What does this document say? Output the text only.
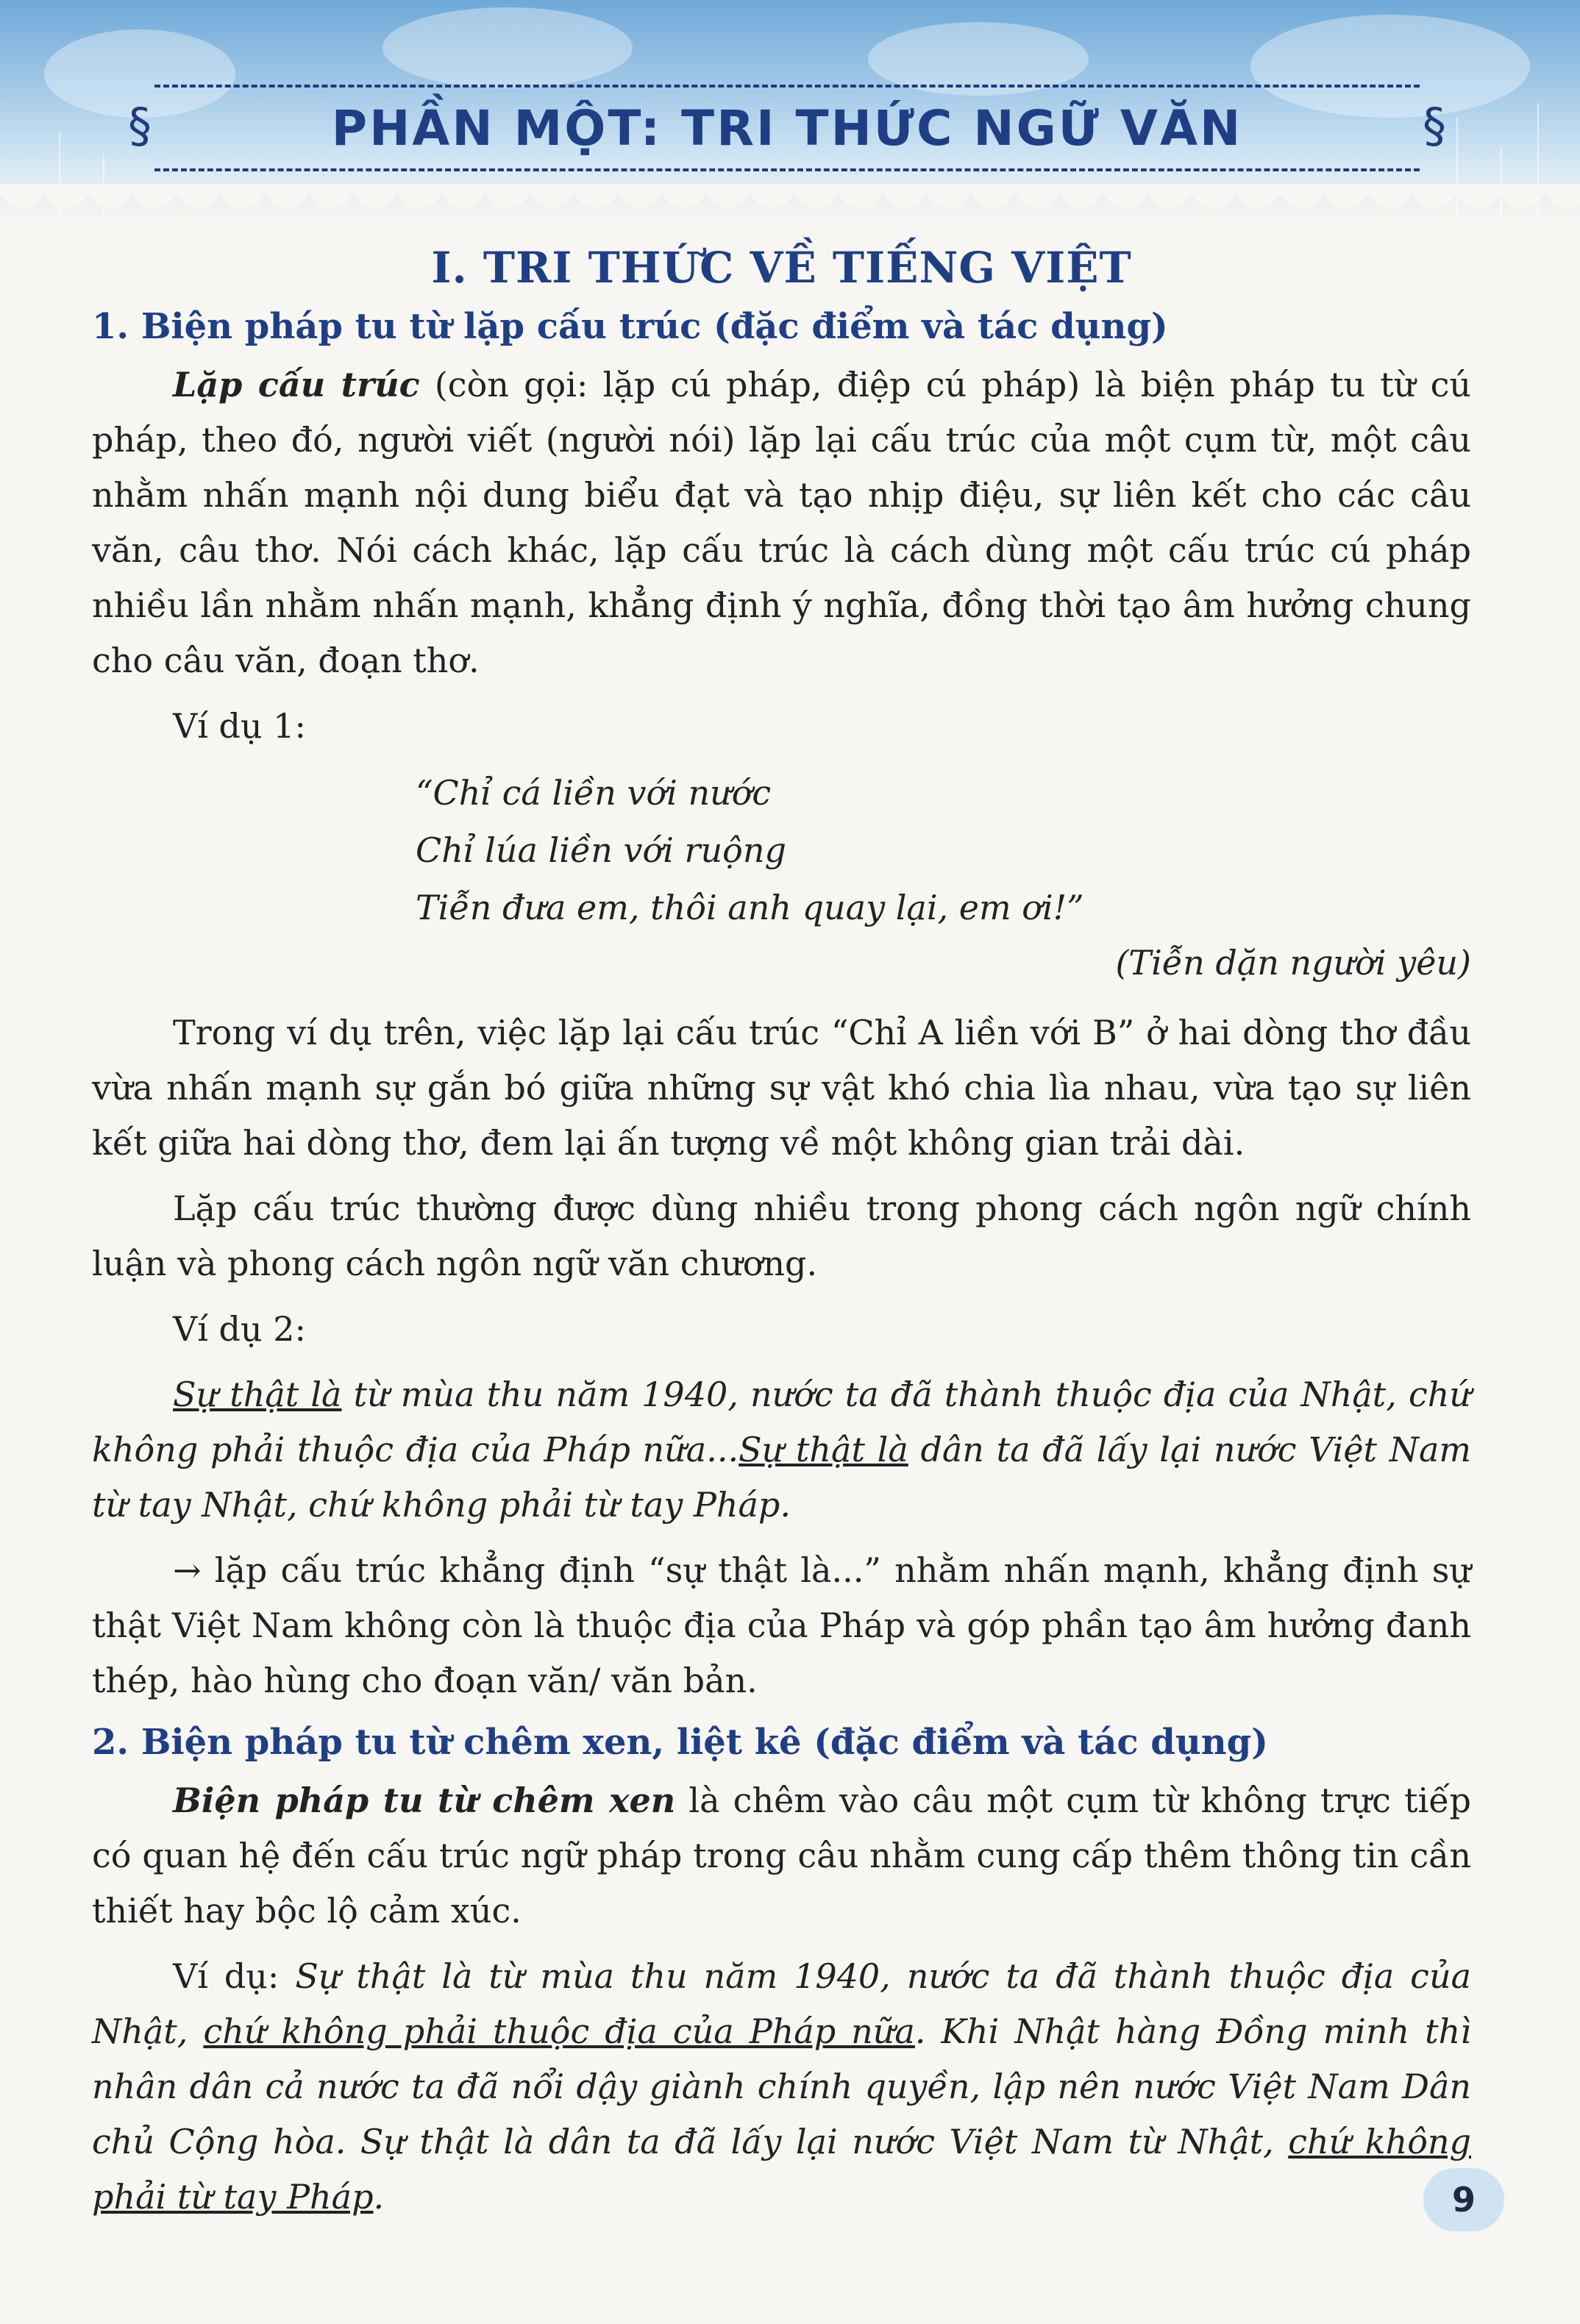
§	PHẦN MỘT: TRI THỨC NGỮ VĂN	§
I. TRI THỨC VỀ TIẾNG VIỆT
1. Biện pháp tu từ lặp cấu trúc (đặc điểm và tác dụng)

Lặp cấu trúc (còn gọi: lặp cú pháp, điệp cú pháp) là biện pháp tu từ cú pháp, theo đó, người viết (người nói) lặp lại cấu trúc của một cụm từ, một câu nhằm nhấn mạnh nội dung biểu đạt và tạo nhịp điệu, sự liên kết cho các câu văn, câu thơ. Nói cách khác, lặp cấu trúc là cách dùng một cấu trúc cú pháp nhiều lần nhằm nhấn mạnh, khẳng định ý nghĩa, đồng thời tạo âm hưởng chung cho câu văn, đoạn thơ.

Ví dụ 1:
“Chỉ cá liền với nước
Chỉ lúa liền với ruộng
Tiễn đưa em, thôi anh quay lại, em ơi!”
(Tiễn dặn người yêu)

Trong ví dụ trên, việc lặp lại cấu trúc “Chỉ A liền với B” ở hai dòng thơ đầu vừa nhấn mạnh sự gắn bó giữa những sự vật khó chia lìa nhau, vừa tạo sự liên kết giữa hai dòng thơ, đem lại ấn tượng về một không gian trải dài.

Lặp cấu trúc thường được dùng nhiều trong phong cách ngôn ngữ chính luận và phong cách ngôn ngữ văn chương.

Ví dụ 2:

Sự thật là từ mùa thu năm 1940, nước ta đã thành thuộc địa của Nhật, chứ không phải thuộc địa của Pháp nữa...Sự thật là dân ta đã lấy lại nước Việt Nam từ tay Nhật, chứ không phải từ tay Pháp.

→ lặp cấu trúc khẳng định “sự thật là...” nhằm nhấn mạnh, khẳng định sự thật Việt Nam không còn là thuộc địa của Pháp và góp phần tạo âm hưởng đanh thép, hào hùng cho đoạn văn/ văn bản.

2. Biện pháp tu từ chêm xen, liệt kê (đặc điểm và tác dụng)

Biện pháp tu từ chêm xen là chêm vào câu một cụm từ không trực tiếp có quan hệ đến cấu trúc ngữ pháp trong câu nhằm cung cấp thêm thông tin cần thiết hay bộc lộ cảm xúc.

Ví dụ: Sự thật là từ mùa thu năm 1940, nước ta đã thành thuộc địa của Nhật, chứ không phải thuộc địa của Pháp nữa. Khi Nhật hàng Đồng minh thì nhân dân cả nước ta đã nổi dậy giành chính quyền, lập nên nước Việt Nam Dân chủ Cộng hòa. Sự thật là dân ta đã lấy lại nước Việt Nam từ Nhật, chứ không phải từ tay Pháp.	9
